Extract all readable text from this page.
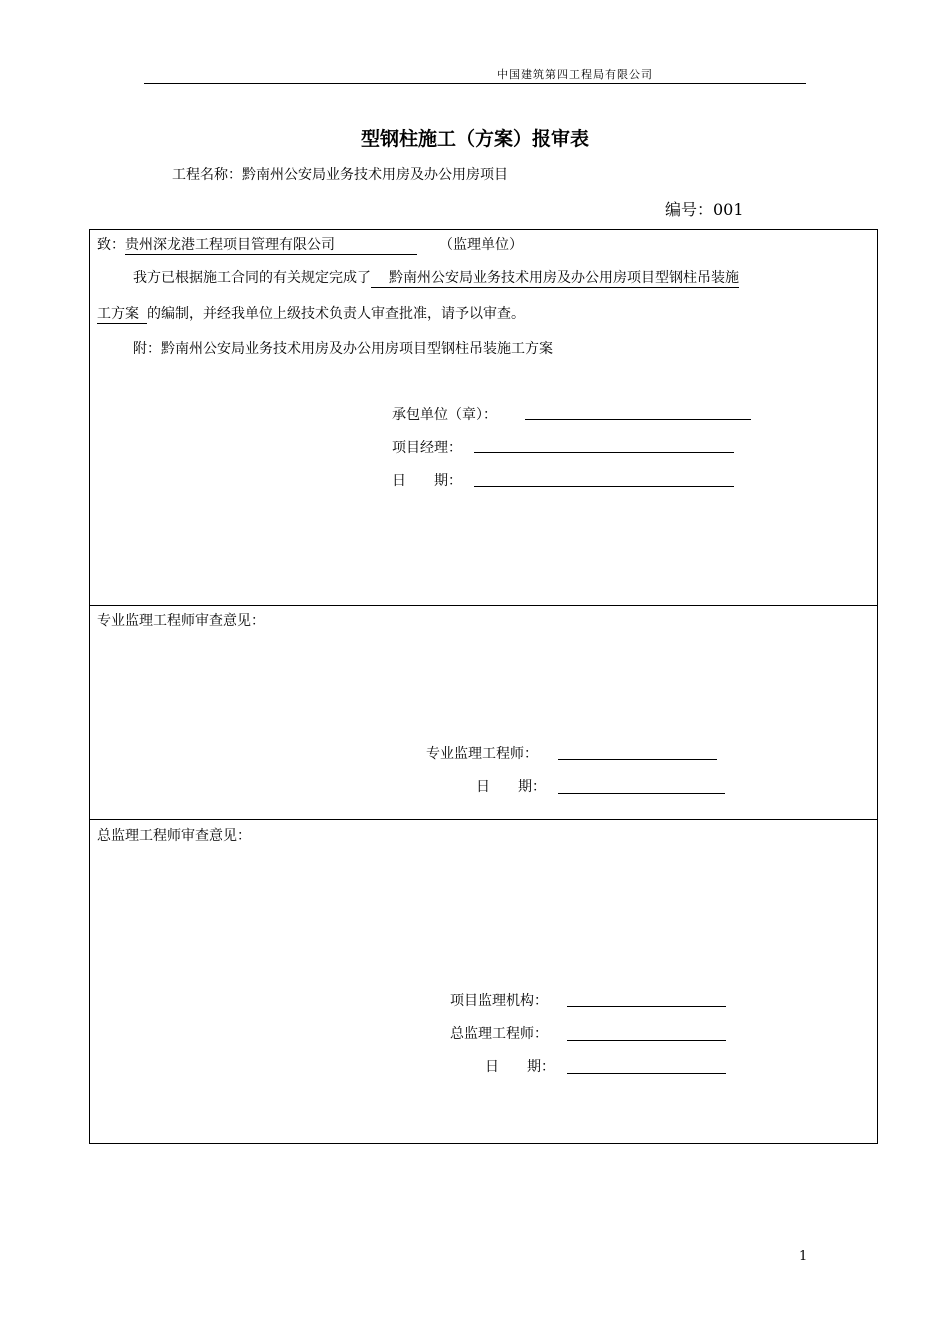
中国建筑第四工程局有限公司
型钢柱施工（方案）报审表
工程名称：黔南州公安局业务技术用房及办公用房项目
编号：001
致：贵州深龙港工程项目管理有限公司	（监理单位）
我方已根据施工合同的有关规定完成了 黔南州公安局业务技术用房及办公用房项目型钢柱吊装施
工方案 的编制，并经我单位上级技术负责人审查批准，请予以审查。
附：黔南州公安局业务技术用房及办公用房项目型钢柱吊装施工方案
承包单位（章）：
项目经理：
日　　期：
专业监理工程师审查意见：
专业监理工程师：
日　　期：
总监理工程师审查意见：
项目监理机构：
总监理工程师：
日　　期：
1
